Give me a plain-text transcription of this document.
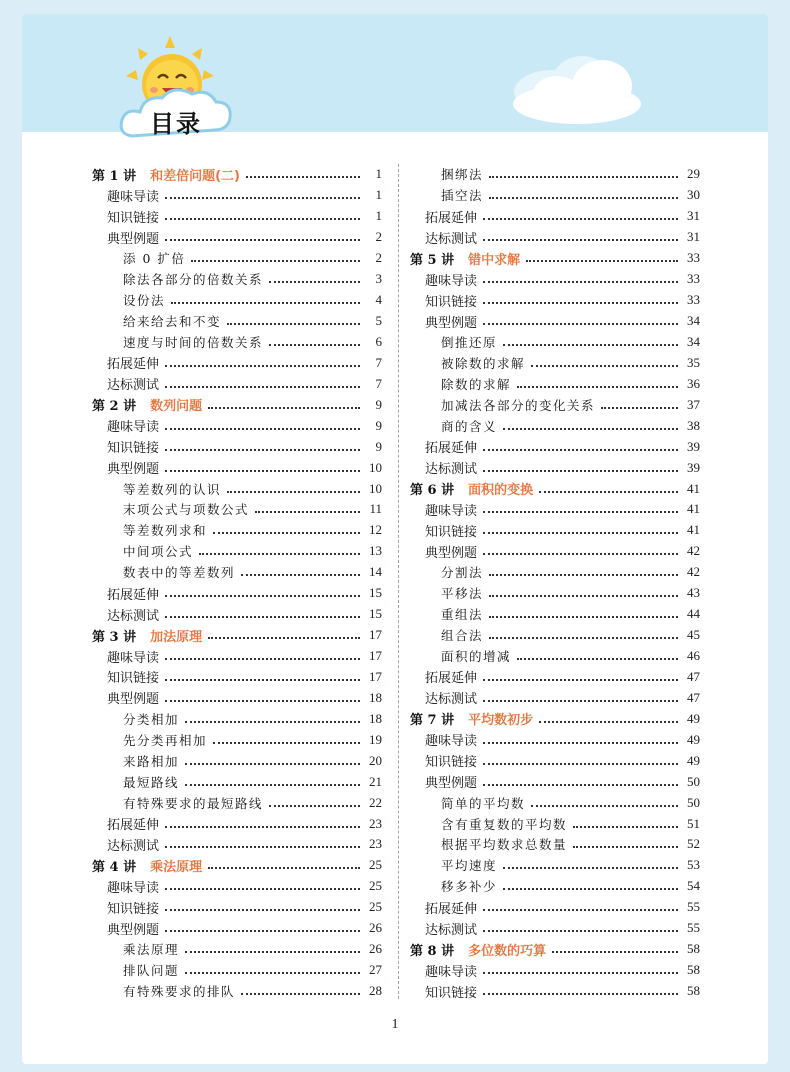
目录
第 1 讲 和差倍问题(二)	1
趣味导读	1
知识链接	1
典型例题	2
添 0 扩倍	2
除法各部分的倍数关系	3
设份法	4
给来给去和不变	5
速度与时间的倍数关系	6
拓展延伸	7
达标测试	7
第 2 讲 数列问题	9
趣味导读	9
知识链接	9
典型例题	10
等差数列的认识	10
末项公式与项数公式	11
等差数列求和	12
中间项公式	13
数表中的等差数列	14
拓展延伸	15
达标测试	15
第 3 讲 加法原理	17
趣味导读	17
知识链接	17
典型例题	18
分类相加	18
先分类再相加	19
来路相加	20
最短路线	21
有特殊要求的最短路线	22
拓展延伸	23
达标测试	23
第 4 讲 乘法原理	25
趣味导读	25
知识链接	25
典型例题	26
乘法原理	26
排队问题	27
有特殊要求的排队	28
捆绑法	29
插空法	30
拓展延伸	31
达标测试	31
第 5 讲 错中求解	33
趣味导读	33
知识链接	33
典型例题	34
倒推还原	34
被除数的求解	35
除数的求解	36
加减法各部分的变化关系	37
商的含义	38
拓展延伸	39
达标测试	39
第 6 讲 面积的变换	41
趣味导读	41
知识链接	41
典型例题	42
分割法	42
平移法	43
重组法	44
组合法	45
面积的增减	46
拓展延伸	47
达标测试	47
第 7 讲 平均数初步	49
趣味导读	49
知识链接	49
典型例题	50
简单的平均数	50
含有重复数的平均数	51
根据平均数求总数量	52
平均速度	53
移多补少	54
拓展延伸	55
达标测试	55
第 8 讲 多位数的巧算	58
趣味导读	58
知识链接	58
1
